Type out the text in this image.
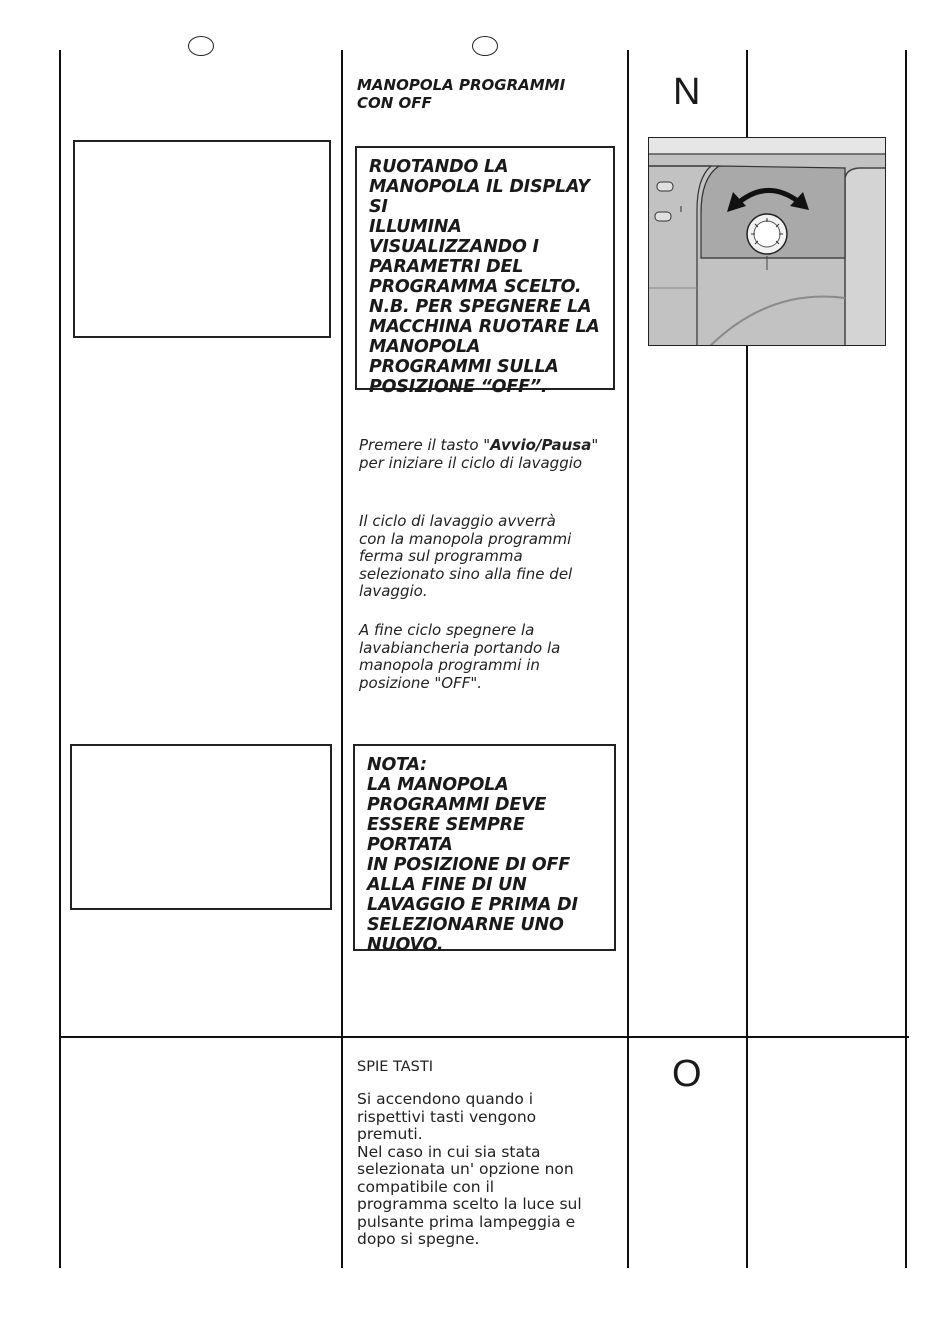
MANOPOLA PROGRAMMI
CON OFF

RUOTANDO LA
MANOPOLA IL DISPLAY SI
ILLUMINA
VISUALIZZANDO I
PARAMETRI DEL
PROGRAMMA SCELTO.
N.B. PER SPEGNERE LA
MACCHINA RUOTARE LA
MANOPOLA
PROGRAMMI SULLA
POSIZIONE “OFF”.

Premere il tasto "Avvio/Pausa"
per iniziare il ciclo di lavaggio

Il ciclo di lavaggio avverrà
con la manopola programmi
ferma sul programma
selezionato sino alla fine del
lavaggio.

A fine ciclo spegnere la
lavabiancheria portando la
manopola programmi in
posizione "OFF".

NOTA:
LA MANOPOLA
PROGRAMMI DEVE
ESSERE SEMPRE PORTATA
IN POSIZIONE DI OFF
ALLA FINE DI UN
LAVAGGIO E PRIMA DI
SELEZIONARNE UNO
NUOVO.

N

SPIE TASTI

Si accendono quando i
rispettivi tasti vengono
premuti.
Nel caso in cui sia stata
selezionata un' opzione non
compatibile con il
programma scelto la luce sul
pulsante prima lampeggia e
dopo si spegne.

O
